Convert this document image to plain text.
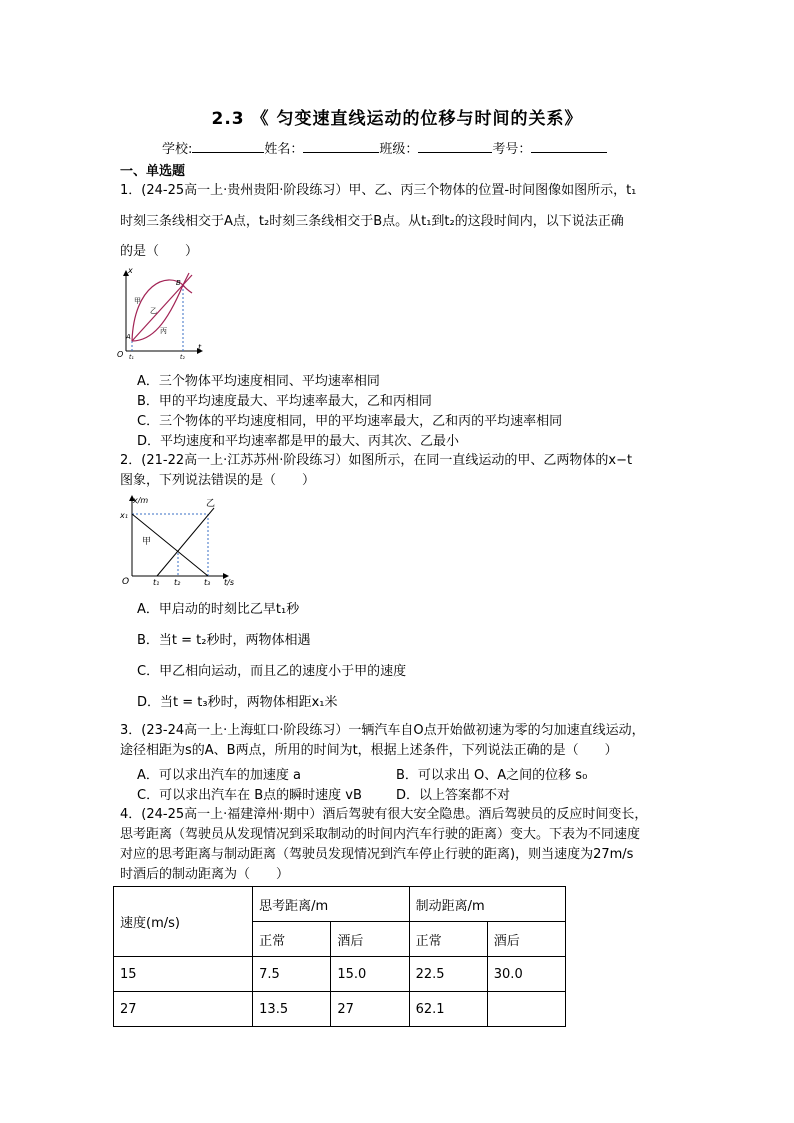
2.3 《 匀变速直线运动的位移与时间的关系》
学校:	姓名：	班级：	考号：
一、单选题
1．(24-25高一上·贵州贵阳·阶段练习）甲、乙、丙三个物体的位置-时间图像如图所示，t₁
时刻三条线相交于A点，t₂时刻三条线相交于B点。从t₁到t₂的这段时间内，以下说法正确
的是（　　）
x
t
O t₁	t₂
A
B
甲
乙
丙
A．三个物体平均速度相同、平均速率相同
B．甲的平均速度最大、平均速率最大，乙和丙相同
C．三个物体的平均速度相同，甲的平均速率最大，乙和丙的平均速率相同
D．平均速度和平均速率都是甲的最大、丙其次、乙最小
2．(21-22高一上·江苏苏州·阶段练习）如图所示，在同一直线运动的甲、乙两物体的x−t
图象，下列说法错误的是（　　）
x/m
x₁
O	t₁ t₂	t₃ t/s
甲
乙
A．甲启动的时刻比乙早t₁秒
B．当t = t₂秒时，两物体相遇
C．甲乙相向运动，而且乙的速度小于甲的速度
D．当t = t₃秒时，两物体相距x₁米
3．(23-24高一上·上海虹口·阶段练习）一辆汽车自O点开始做初速为零的匀加速直线运动，
途径相距为s的A、B两点，所用的时间为t，根据上述条件，下列说法正确的是（　　）
A．可以求出汽车的加速度 a	B．可以求出 O、A之间的位移 s₀
C．可以求出汽车在 B点的瞬时速度 vB	D．以上答案都不对
4．(24-25高一上·福建漳州·期中）酒后驾驶有很大安全隐患。酒后驾驶员的反应时间变长，
思考距离（驾驶员从发现情况到采取制动的时间内汽车行驶的距离）变大。下表为不同速度
对应的思考距离与制动距离（驾驶员发现情况到汽车停止行驶的距离)，则当速度为27m/s
时酒后的制动距离为（　　）
速度(m/s)	思考距离/m		制动距离/m	
	正常	酒后	正常	酒后
15	7.5	15.0	22.5	30.0
27	13.5	27	62.1	
